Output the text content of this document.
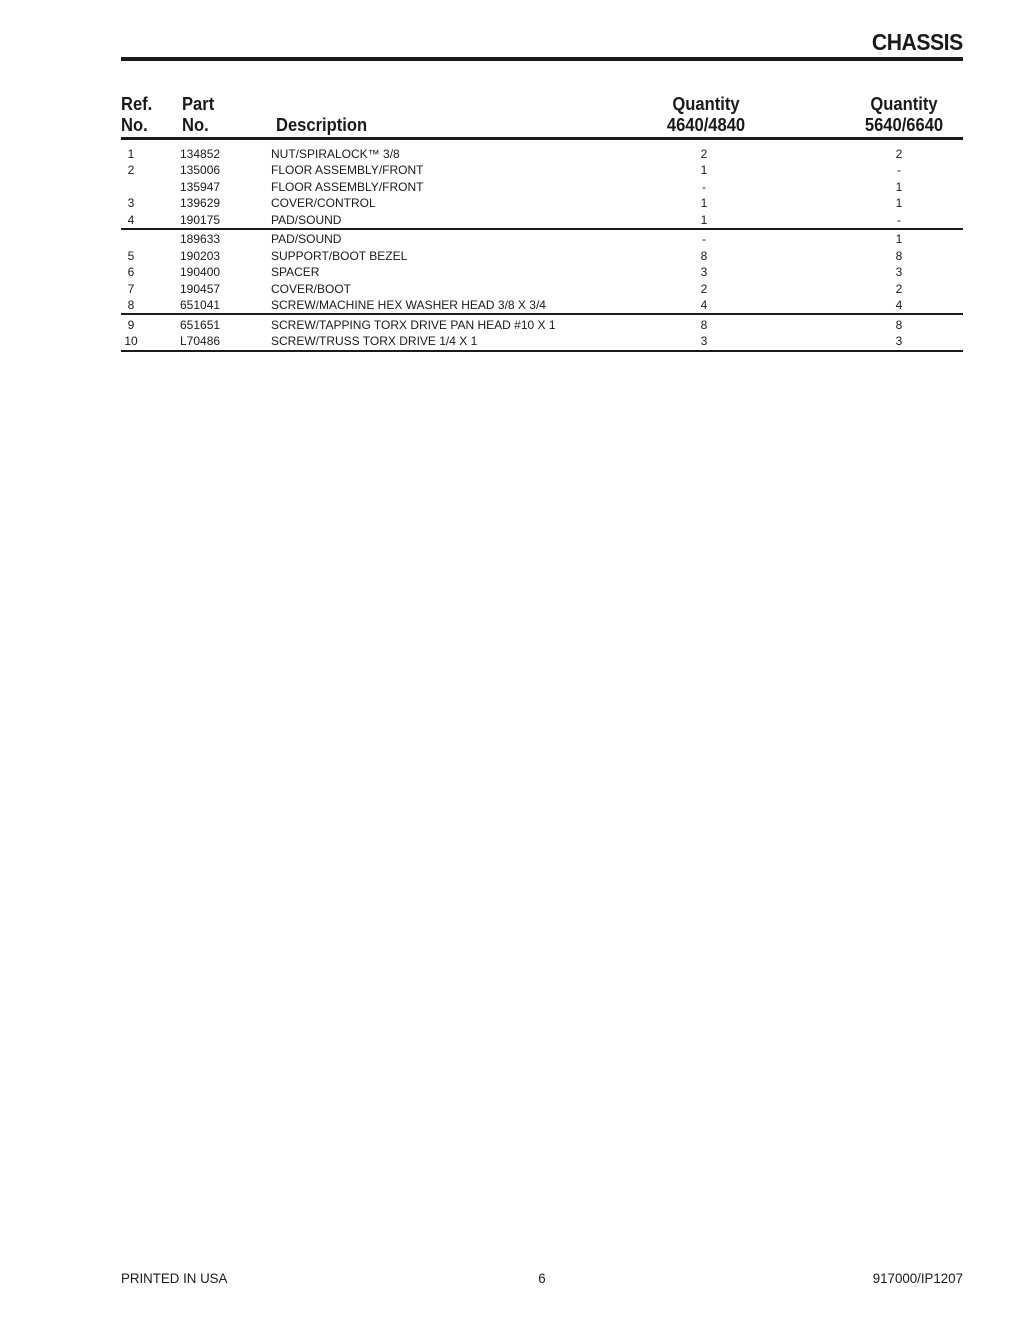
CHASSIS
Ref.
No.
Part
No.	Description
Quantity
4640/4840
Quantity
5640/6640
1	134852	NUT/SPIRALOCK™ 3/8	2	2
2	135006	FLOOR ASSEMBLY/FRONT	1	-
135947	FLOOR ASSEMBLY/FRONT	-	1
3	139629	COVER/CONTROL	1	1
4	190175	PAD/SOUND	1	-
189633	PAD/SOUND	-	1
5	190203	SUPPORT/BOOT BEZEL	8	8
6	190400	SPACER	3	3
7	190457	COVER/BOOT	2	2
8	651041	SCREW/MACHINE HEX WASHER HEAD 3/8 X 3/4	4	4
9	651651	SCREW/TAPPING TORX DRIVE PAN HEAD #10 X 1	8	8
10	L70486	SCREW/TRUSS TORX DRIVE 1/4 X 1	3	3
PRINTED IN USA	6	917000/IP1207
